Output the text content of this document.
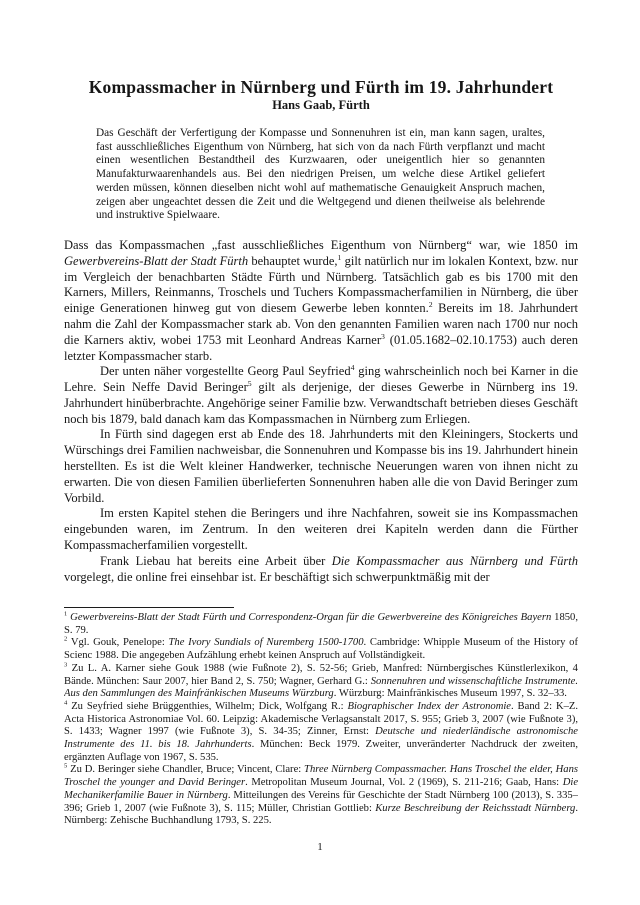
Kompassmacher in Nürnberg und Fürth im 19. Jahrhundert
Hans Gaab, Fürth
Das Geschäft der Verfertigung der Kompasse und Sonnenuhren ist ein, man kann sagen, uraltes, fast ausschließliches Eigenthum von Nürnberg, hat sich von da nach Fürth verpflanzt und macht einen wesentlichen Bestandtheil des Kurzwaaren, oder uneigentlich hier so genannten Manufakturwaarenhandels aus. Bei den niedrigen Preisen, um welche diese Artikel geliefert werden müssen, können dieselben nicht wohl auf mathematische Genauigkeit Anspruch machen, zeigen aber ungeachtet dessen die Zeit und die Weltgegend und dienen theilweise als belehrende und instruktive Spielwaare.

Dass das Kompassmachen „fast ausschließliches Eigenthum von Nürnberg“ war, wie 1850 im Gewerbvereins-Blatt der Stadt Fürth behauptet wurde,$^1$ gilt natürlich nur im lokalen Kontext, bzw. nur im Vergleich der benachbarten Städte Fürth und Nürnberg. Tatsächlich gab es bis 1700 mit den Karners, Millers, Reinmanns, Troschels und Tuchers Kompassmacherfamilien in Nürnberg, die über einige Generationen hinweg gut von diesem Gewerbe leben konnten.$^2$ Bereits im 18. Jahrhundert nahm die Zahl der Kompassmacher stark ab. Von den genannten Familien waren nach 1700 nur noch die Karners aktiv, wobei 1753 mit Leonhard Andreas Karner$^3$ (01.05.1682–02.10.1753) auch deren letzter Kompassmacher starb.

Der unten näher vorgestellte Georg Paul Seyfried$^4$ ging wahrscheinlich noch bei Karner in die Lehre. Sein Neffe David Beringer$^5$ gilt als derjenige, der dieses Gewerbe in Nürnberg ins 19. Jahrhundert hinüberbrachte. Angehörige seiner Familie bzw. Verwandtschaft betrieben dieses Geschäft noch bis 1879, bald danach kam das Kompassmachen in Nürnberg zum Erliegen.

In Fürth sind dagegen erst ab Ende des 18. Jahrhunderts mit den Kleiningers, Stockerts und Würschings drei Familien nachweisbar, die Sonnenuhren und Kompasse bis ins 19. Jahrhundert hinein herstellten. Es ist die Welt kleiner Handwerker, technische Neuerungen waren von ihnen nicht zu erwarten. Die von diesen Familien überlieferten Sonnenuhren haben alle die von David Beringer zum Vorbild.

Im ersten Kapitel stehen die Beringers und ihre Nachfahren, soweit sie ins Kompassmachen eingebunden waren, im Zentrum. In den weiteren drei Kapiteln werden dann die Fürther Kompassmacherfamilien vorgestellt.

Frank Liebau hat bereits eine Arbeit über Die Kompassmacher aus Nürnberg und Fürth vorgelegt, die online frei einsehbar ist. Er beschäftigt sich schwerpunktmäßig mit der

$^1$ Gewerbvereins-Blatt der Stadt Fürth und Correspondenz-Organ für die Gewerbvereine des Königreiches Bayern 1850, S. 79.
$^2$ Vgl. Gouk, Penelope: The Ivory Sundials of Nuremberg 1500-1700. Cambridge: Whipple Museum of the History of Scienc 1988. Die angegeben Aufzählung erhebt keinen Anspruch auf Vollständigkeit.
$^3$ Zu L. A. Karner siehe Gouk 1988 (wie Fußnote 2), S. 52-56; Grieb, Manfred: Nürnbergisches Künstlerlexikon, 4 Bände. München: Saur 2007, hier Band 2, S. 750; Wagner, Gerhard G.: Sonnenuhren und wissenschaftliche Instrumente. Aus den Sammlungen des Mainfränkischen Museums Würzburg. Würzburg: Mainfränkisches Museum 1997, S. 32–33.
$^4$ Zu Seyfried siehe Brüggenthies, Wilhelm; Dick, Wolfgang R.: Biographischer Index der Astronomie. Band 2: K–Z. Acta Historica Astronomiae Vol. 60. Leipzig: Akademische Verlagsanstalt 2017, S. 955; Grieb 3, 2007 (wie Fußnote 3), S. 1433; Wagner 1997 (wie Fußnote 3), S. 34-35; Zinner, Ernst: Deutsche und niederländische astronomische Instrumente des 11. bis 18. Jahrhunderts. München: Beck 1979. Zweiter, unveränderter Nachdruck der zweiten, ergänzten Auflage von 1967, S. 535.
$^5$ Zu D. Beringer siehe Chandler, Bruce; Vincent, Clare: Three Nürnberg Compassmacher. Hans Troschel the elder, Hans Troschel the younger and David Beringer. Metropolitan Museum Journal, Vol. 2 (1969), S. 211-216; Gaab, Hans: Die Mechanikerfamilie Bauer in Nürnberg. Mitteilungen des Vereins für Geschichte der Stadt Nürnberg 100 (2013), S. 335–396; Grieb 1, 2007 (wie Fußnote 3), S. 115; Müller, Christian Gottlieb: Kurze Beschreibung der Reichsstadt Nürnberg. Nürnberg: Zehische Buchhandlung 1793, S. 225.
1
